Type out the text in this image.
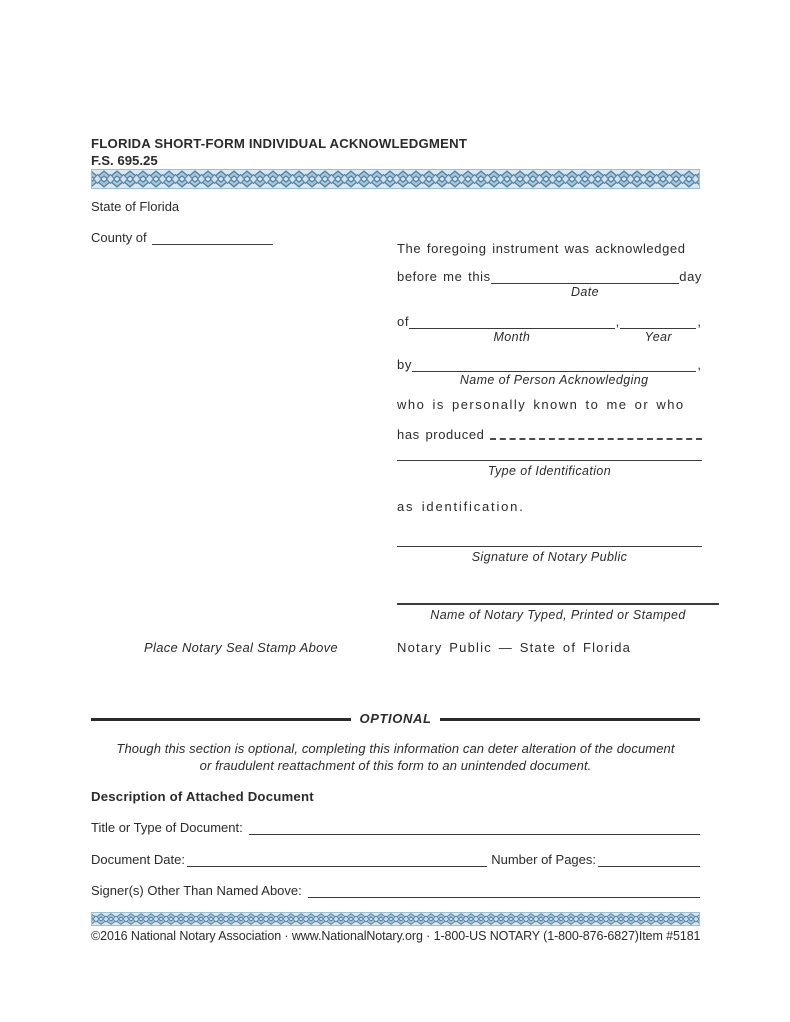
FLORIDA SHORT-FORM INDIVIDUAL ACKNOWLEDGMENT
F.S. 695.25
State of Florida
County of
The foregoing instrument was acknowledged
before me this
Date
day
of
Month
,
Year
,
by
Name of Person Acknowledging
,
who is personally known to me or who
has produced
Type of Identification
as identification.
Signature of Notary Public
Name of Notary Typed, Printed or Stamped
Notary Public — State of Florida
Place Notary Seal Stamp Above
OPTIONAL
Though this section is optional, completing this information can deter alteration of the document
or fraudulent reattachment of this form to an unintended document.
Description of Attached Document
Title or Type of Document:
Document Date:	Number of Pages:
Signer(s) Other Than Named Above:
©2016 National Notary Association · www.NationalNotary.org · 1-800-US NOTARY (1-800-876-6827) Item #5181
